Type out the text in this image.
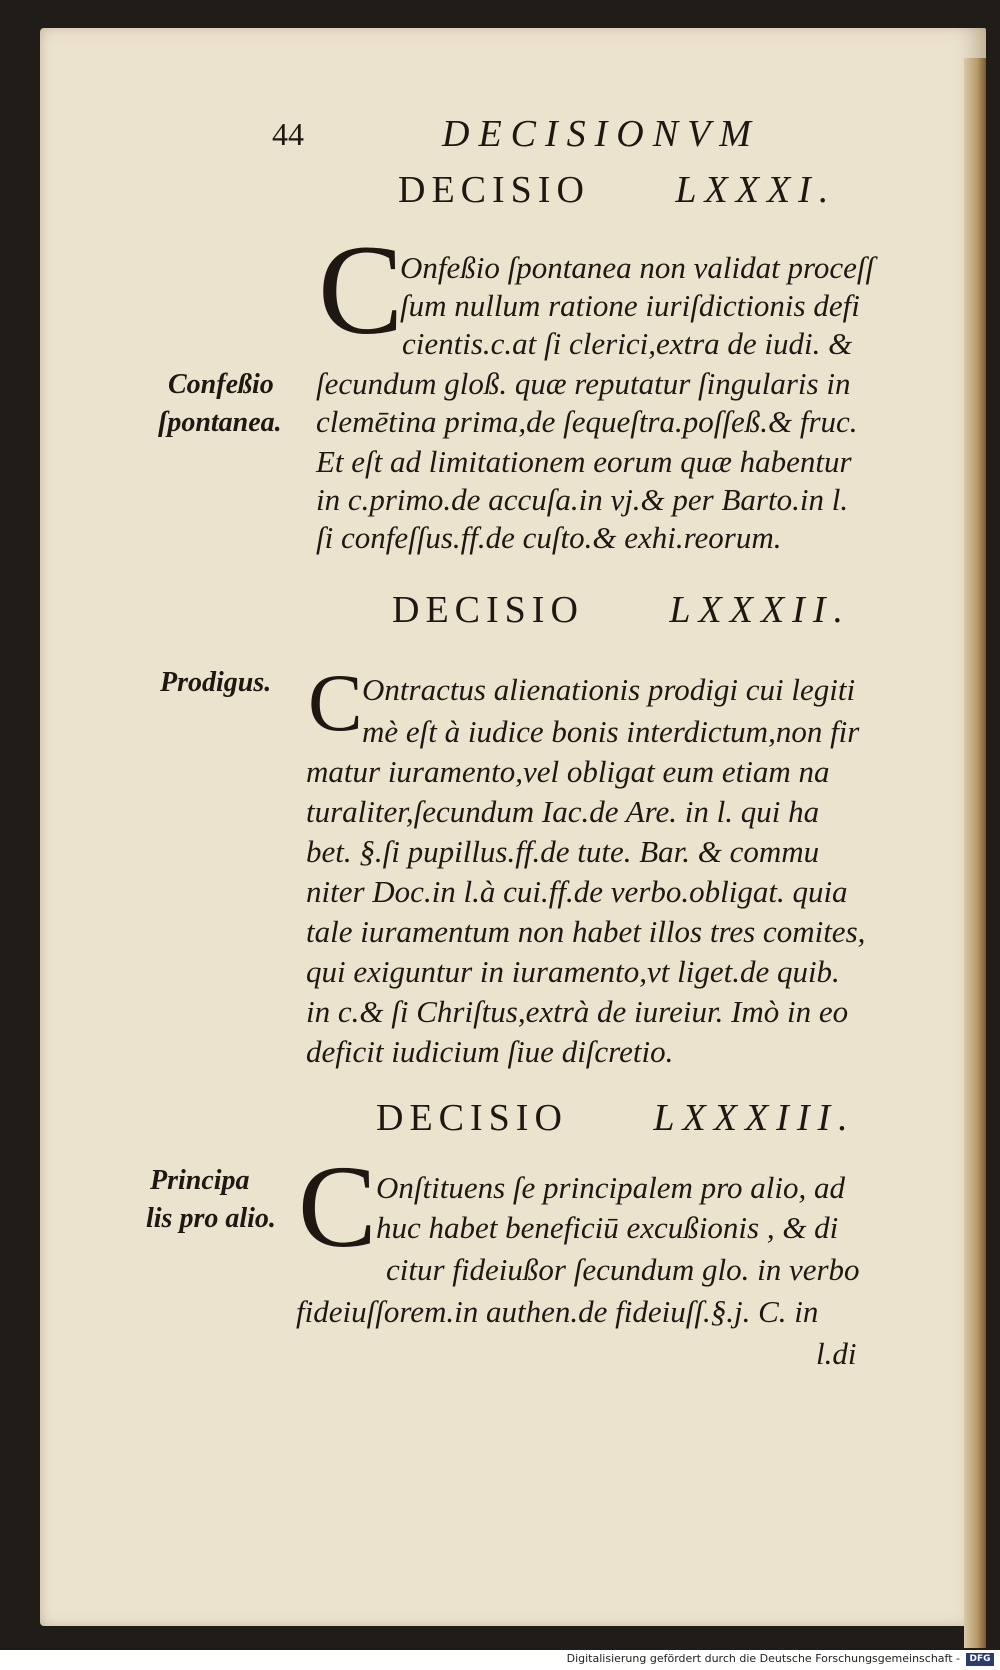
44	DECISIONVM
DECISIO LXXXI.
C
Onfeßio ſpontanea non validat proceſſ
ſum nullum ratione iuriſdictionis defi
cientis.c.at ſi clerici,extra de iudi. &
ſecundum gloß. quæ reputatur ſingularis in
clemētina prima,de ſequeſtra.poſſeß.& fruc.
Et eſt ad limitationem eorum quæ habentur
in c.primo.de accuſa.in vj.& per Barto.in l.
ſi confeſſus.ff.de cuſto.& exhi.reorum.
Confeßio
ſpontanea.
DECISIO LXXXII.
C Ontractus alienationis prodigi cui legiti
mè eſt à iudice bonis interdictum,non fir
matur iuramento,vel obligat eum etiam na
turaliter,ſecundum Iac.de Are. in l. qui ha
bet. §.ſi pupillus.ff.de tute. Bar. & commu
niter Doc.in l.à cui.ff.de verbo.obligat. quia
tale iuramentum non habet illos tres comites,
qui exiguntur in iuramento,vt liget.de quib.
in c.& ſi Chriſtus,extrà de iureiur. Imò in eo
deficit iudicium ſiue diſcretio.
Prodigus.
DECISIO LXXXIII.
C Onſtituens ſe principalem pro alio, ad
huc habet beneficiū excußionis , & di
citur fideiußor ſecundum glo. in verbo
fideiuſſorem.in authen.de fideiuſſ.§.j. C. in
l.di
Principa
lis pro alio.
Digitalisierung gefördert durch die Deutsche Forschungsgemeinschaft -	DFG
